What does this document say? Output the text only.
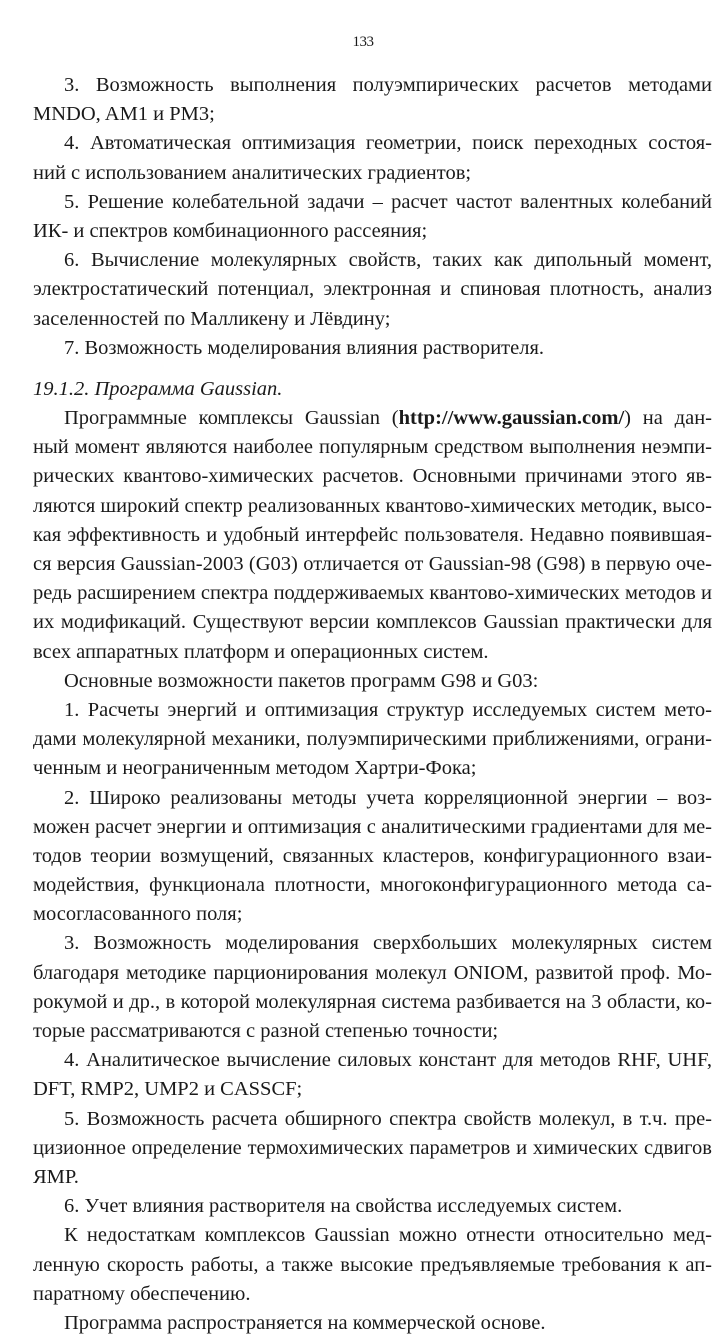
133
3. Возможность выполнения полуэмпирических расчетов методами
MNDO, AM1 и PM3;
4. Автоматическая оптимизация геометрии, поиск переходных состоя-
ний с использованием аналитических градиентов;
5. Решение колебательной задачи – расчет частот валентных колебаний
ИК- и спектров комбинационного рассеяния;
6. Вычисление молекулярных свойств, таких как дипольный момент,
электростатический потенциал, электронная и спиновая плотность, анализ
заселенностей по Малликену и Лёвдину;
7. Возможность моделирования влияния растворителя.
19.1.2. Программа Gaussian.
Программные комплексы Gaussian (http://www.gaussian.com/) на дан-
ный момент являются наиболее популярным средством выполнения неэмпи-
рических квантово-химических расчетов. Основными причинами этого яв-
ляются широкий спектр реализованных квантово-химических методик, высо-
кая эффективность и удобный интерфейс пользователя. Недавно появившая-
ся версия Gaussian-2003 (G03) отличается от Gaussian-98 (G98) в первую оче-
редь расширением спектра поддерживаемых квантово-химических методов и
их модификаций. Существуют версии комплексов Gaussian практически для
всех аппаратных платформ и операционных систем.
Основные возможности пакетов программ G98 и G03:
1. Расчеты энергий и оптимизация структур исследуемых систем мето-
дами молекулярной механики, полуэмпирическими приближениями, ограни-
ченным и неограниченным методом Хартри-Фока;
2. Широко реализованы методы учета корреляционной энергии – воз-
можен расчет энергии и оптимизация с аналитическими градиентами для ме-
тодов теории возмущений, связанных кластеров, конфигурационного взаи-
модействия, функционала плотности, многоконфигурационного метода са-
мосогласованного поля;
3. Возможность моделирования сверхбольших молекулярных систем
благодаря методике парционирования молекул ONIOM, развитой проф. Мо-
рокумой и др., в которой молекулярная система разбивается на 3 области, ко-
торые рассматриваются с разной степенью точности;
4. Аналитическое вычисление силовых констант для методов RHF, UHF,
DFT, RMP2, UMP2 и CASSCF;
5. Возможность расчета обширного спектра свойств молекул, в т.ч. пре-
цизионное определение термохимических параметров и химических сдвигов
ЯМР.
6. Учет влияния растворителя на свойства исследуемых систем.
К недостаткам комплексов Gaussian можно отнести относительно мед-
ленную скорость работы, а также высокие предъявляемые требования к ап-
паратному обеспечению.
Программа распространяется на коммерческой основе.
